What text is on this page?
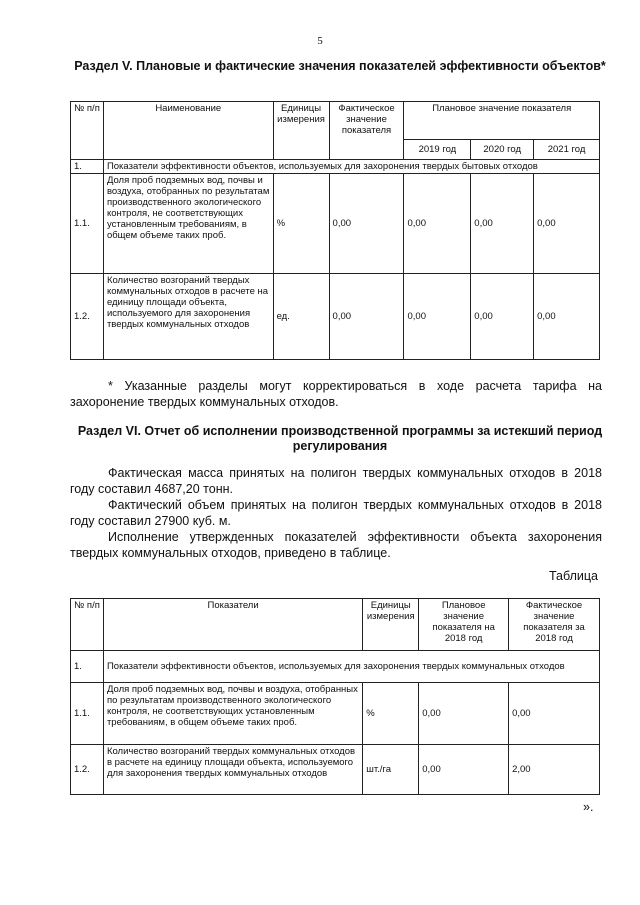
5
Раздел V. Плановые и фактические значения показателей эффективности объектов*
№ п/п	Наименование	Единицы измерения	Фактическое значение показателя	Плановое значение показателя		
				2019 год	2020 год	2021 год
1.	Показатели эффективности объектов, используемых для захоронения твердых бытовых отходов					
1.1.	Доля проб подземных вод, почвы и воздуха, отобранных по результатам производственного экологического контроля, не соответствующих установленным требованиям, в общем объеме таких проб.	%	0,00	0,00	0,00	0,00
1.2.	Количество возгораний твердых коммунальных отходов в расчете на единицу площади объекта, используемого для захоронения твердых коммунальных отходов	ед.	0,00	0,00	0,00	0,00
* Указанные разделы могут корректироваться в ходе расчета тарифа на захоронение твердых коммунальных отходов.
Раздел VI. Отчет об исполнении производственной программы за истекший период регулирования
Фактическая масса принятых на полигон твердых коммунальных отходов в 2018 году составил 4687,20 тонн.
Фактический объем принятых на полигон твердых коммунальных отходов в 2018 году составил 27900 куб. м.
Исполнение утвержденных показателей эффективности объекта захоронения твердых коммунальных отходов, приведено в таблице.
Таблица
№ п/п	Показатели	Единицы измерения	Плановое значение показателя на 2018 год	Фактическое значение показателя за 2018 год
1.	Показатели эффективности объектов, используемых для захоронения твердых коммунальных отходов			
1.1.	Доля проб подземных вод, почвы и воздуха, отобранных по результатам производственного экологического контроля, не соответствующих установленным требованиям, в общем объеме таких проб.	%	0,00	0,00
1.2.	Количество возгораний твердых коммунальных отходов в расчете на единицу площади объекта, используемого для захоронения твердых коммунальных отходов	шт./га	0,00	2,00
».
